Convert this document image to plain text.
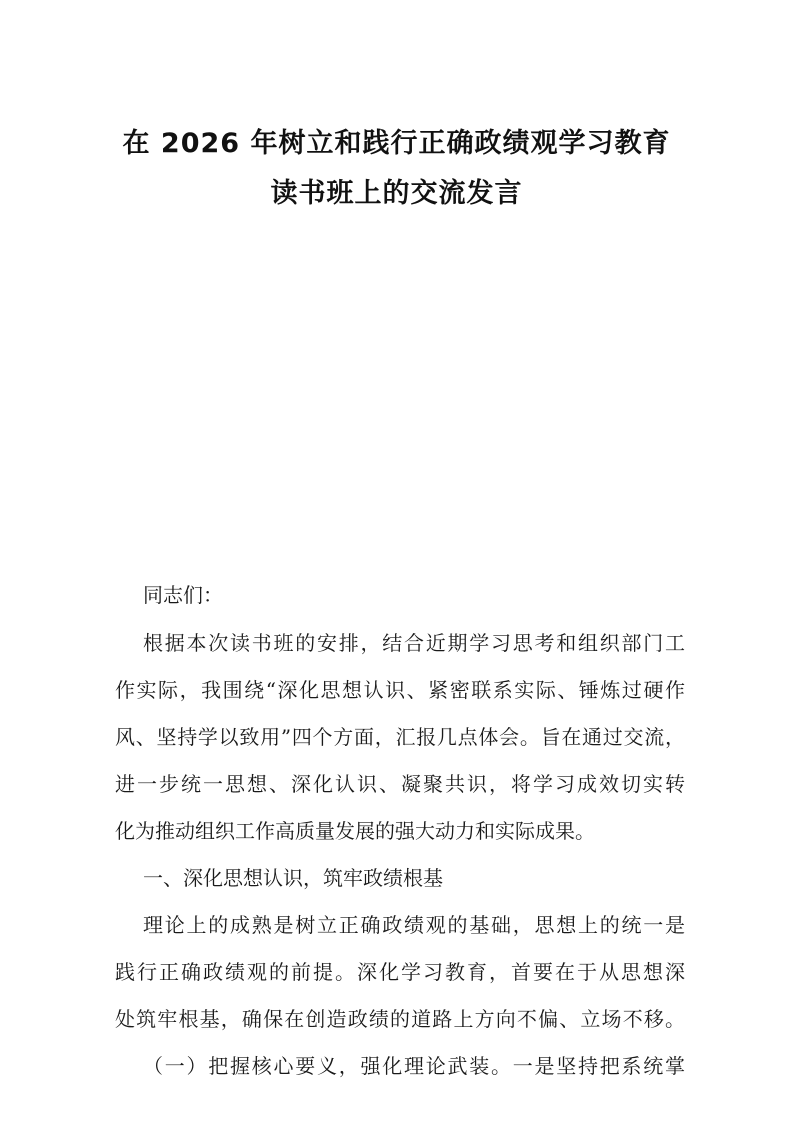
在 2026 年树立和践行正确政绩观学习教育
读书班上的交流发言
同志们：
根据本次读书班的安排，结合近期学习思考和组织部门工
作实际，我围绕“深化思想认识、紧密联系实际、锤炼过硬作
风、坚持学以致用”四个方面，汇报几点体会。旨在通过交流，
进一步统一思想、深化认识、凝聚共识，将学习成效切实转
化为推动组织工作高质量发展的强大动力和实际成果。
一、深化思想认识，筑牢政绩根基
理论上的成熟是树立正确政绩观的基础，思想上的统一是
践行正确政绩观的前提。深化学习教育，首要在于从思想深
处筑牢根基，确保在创造政绩的道路上方向不偏、立场不移。
（一）把握核心要义，强化理论武装。一是坚持把系统掌
